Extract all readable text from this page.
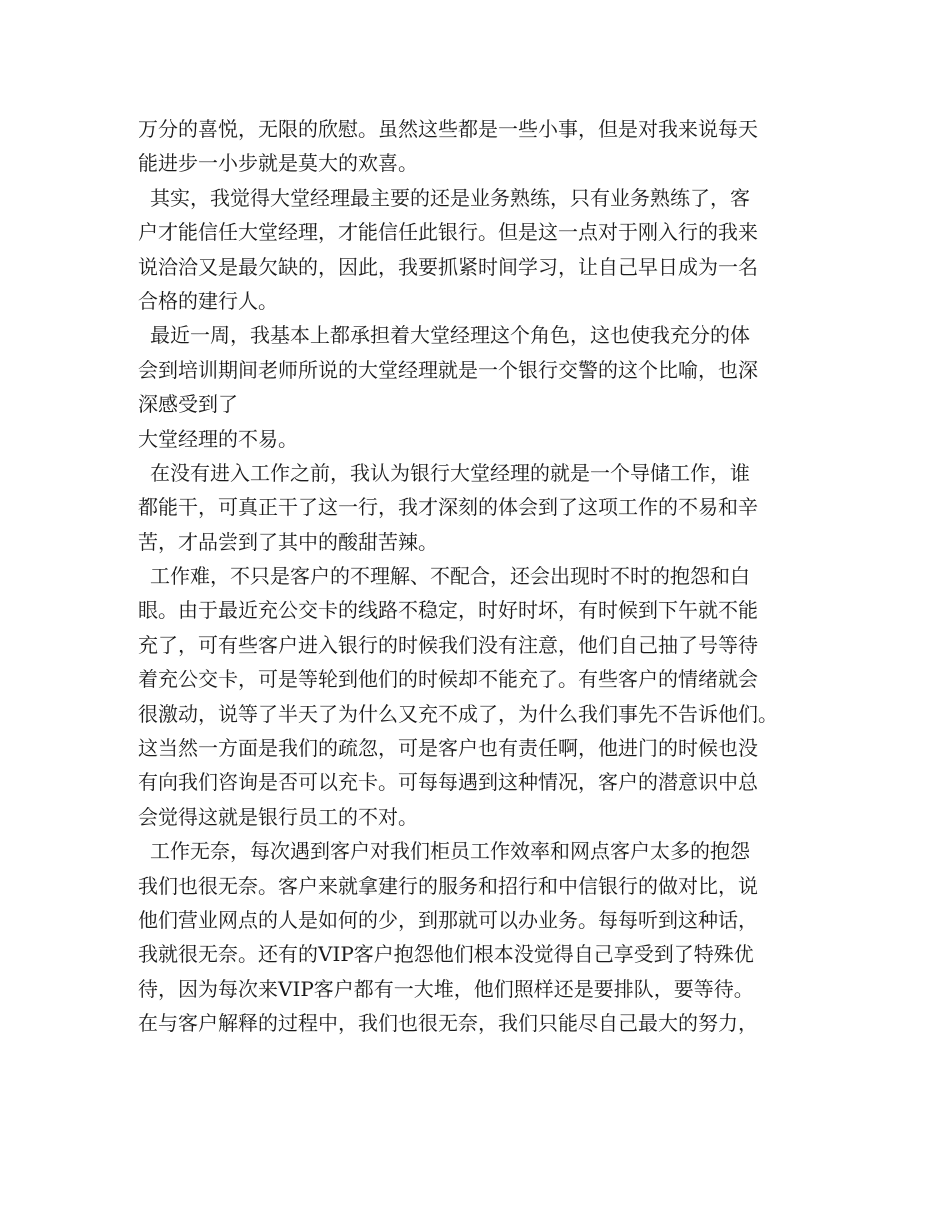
万分的喜悦，无限的欣慰。虽然这些都是一些小事，但是对我来说每天
能进步一小步就是莫大的欢喜。
其实，我觉得大堂经理最主要的还是业务熟练，只有业务熟练了，客
户才能信任大堂经理，才能信任此银行。但是这一点对于刚入行的我来
说洽洽又是最欠缺的，因此，我要抓紧时间学习，让自己早日成为一名
合格的建行人。
最近一周，我基本上都承担着大堂经理这个角色，这也使我充分的体
会到培训期间老师所说的大堂经理就是一个银行交警的这个比喻，也深
深感受到了
大堂经理的不易。
在没有进入工作之前，我认为银行大堂经理的就是一个导储工作，谁
都能干，可真正干了这一行，我才深刻的体会到了这项工作的不易和辛
苦，才品尝到了其中的酸甜苦辣。
工作难，不只是客户的不理解、不配合，还会出现时不时的抱怨和白
眼。由于最近充公交卡的线路不稳定，时好时坏，有时候到下午就不能
充了，可有些客户进入银行的时候我们没有注意，他们自己抽了号等待
着充公交卡，可是等轮到他们的时候却不能充了。有些客户的情绪就会
很激动，说等了半天了为什么又充不成了，为什么我们事先不告诉他们。
这当然一方面是我们的疏忽，可是客户也有责任啊，他进门的时候也没
有向我们咨询是否可以充卡。可每每遇到这种情况，客户的潜意识中总
会觉得这就是银行员工的不对。
工作无奈，每次遇到客户对我们柜员工作效率和网点客户太多的抱怨
我们也很无奈。客户来就拿建行的服务和招行和中信银行的做对比，说
他们营业网点的人是如何的少，到那就可以办业务。每每听到这种话，
我就很无奈。还有的VIP客户抱怨他们根本没觉得自己享受到了特殊优
待，因为每次来VIP客户都有一大堆，他们照样还是要排队，要等待。
在与客户解释的过程中，我们也很无奈，我们只能尽自己最大的努力，
